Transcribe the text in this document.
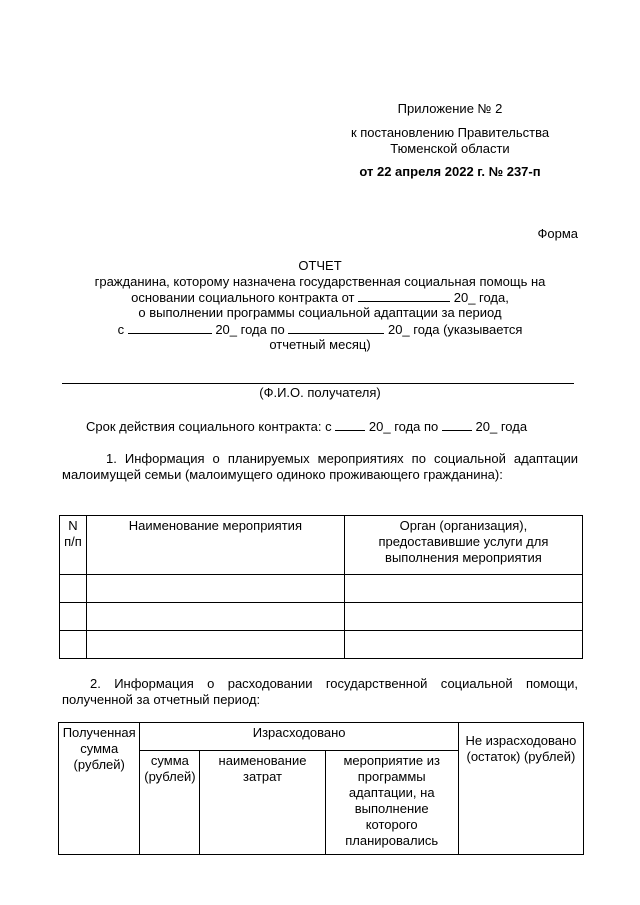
Приложение № 2
к постановлению Правительства
Тюменской области
от 22 апреля 2022 г. № 237-п
Форма
ОТЧЕТ
гражданина, которому назначена государственная социальная помощь на
основании социального контракта от	20_ года,
о выполнении программы социальной адаптации за период
с	20_ года по	20_ года (указывается
отчетный месяц)
(Ф.И.О. получателя)
Срок действия социального контракта: с	20_ года по	20_ года
1. Информация о планируемых мероприятиях по социальной адаптации малоимущей семьи (малоимущего одиноко проживающего гражданина):
N п/п	Наименование мероприятия	Орган (организация), предоставившие услуги для выполнения мероприятия

2. Информация о расходовании государственной социальной помощи, полученной за отчетный период:
Полученная сумма (рублей)	Израсходовано			Не израсходовано (остаток) (рублей)
	сумма (рублей)	наименование затрат	мероприятие из программы адаптации, на выполнение которого планировались	
